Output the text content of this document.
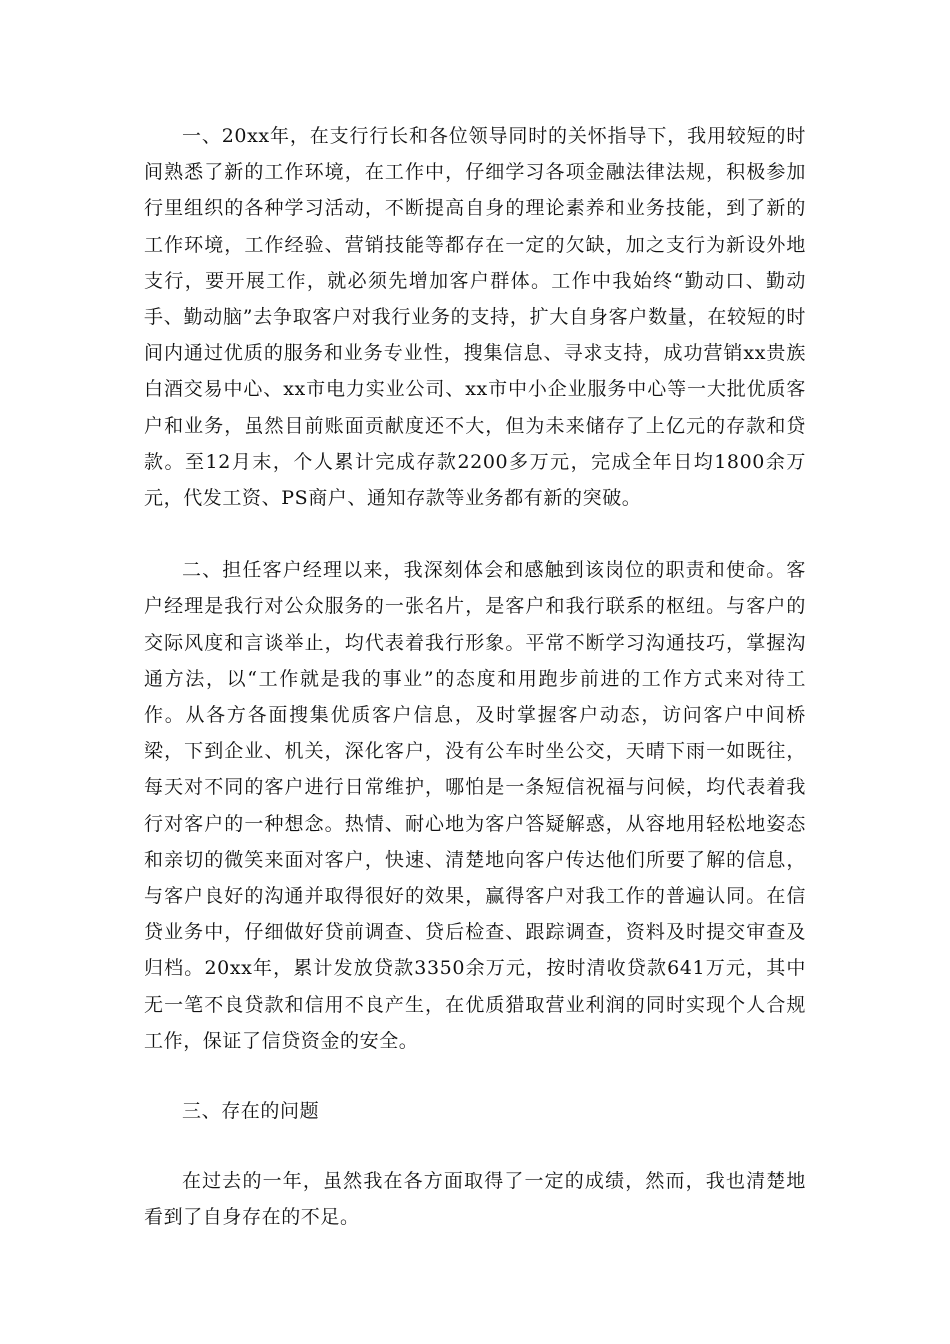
一、20xx年，在支行行长和各位领导同时的关怀指导下，我用较短的时间熟悉了新的工作环境，在工作中，仔细学习各项金融法律法规，积极参加行里组织的各种学习活动，不断提高自身的理论素养和业务技能，到了新的工作环境，工作经验、营销技能等都存在一定的欠缺，加之支行为新设外地支行，要开展工作，就必须先增加客户群体。工作中我始终“勤动口、勤动手、勤动脑”去争取客户对我行业务的支持，扩大自身客户数量，在较短的时间内通过优质的服务和业务专业性，搜集信息、寻求支持，成功营销xx贵族白酒交易中心、xx市电力实业公司、xx市中小企业服务中心等一大批优质客户和业务，虽然目前账面贡献度还不大，但为未来储存了上亿元的存款和贷款。至12月末，个人累计完成存款2200多万元，完成全年日均1800余万元，代发工资、PS商户、通知存款等业务都有新的突破。

二、担任客户经理以来，我深刻体会和感触到该岗位的职责和使命。客户经理是我行对公众服务的一张名片，是客户和我行联系的枢纽。与客户的交际风度和言谈举止，均代表着我行形象。平常不断学习沟通技巧，掌握沟通方法，以“工作就是我的事业”的态度和用跑步前进的工作方式来对待工作。从各方各面搜集优质客户信息，及时掌握客户动态，访问客户中间桥梁，下到企业、机关，深化客户，没有公车时坐公交，天晴下雨一如既往，每天对不同的客户进行日常维护，哪怕是一条短信祝福与问候，均代表着我行对客户的一种想念。热情、耐心地为客户答疑解惑，从容地用轻松地姿态和亲切的微笑来面对客户，快速、清楚地向客户传达他们所要了解的信息，与客户良好的沟通并取得很好的效果，赢得客户对我工作的普遍认同。在信贷业务中，仔细做好贷前调查、贷后检查、跟踪调查，资料及时提交审查及归档。20xx年，累计发放贷款3350余万元，按时清收贷款641万元，其中无一笔不良贷款和信用不良产生，在优质猎取营业利润的同时实现个人合规工作，保证了信贷资金的安全。

三、存在的问题

在过去的一年，虽然我在各方面取得了一定的成绩，然而，我也清楚地看到了自身存在的不足。
